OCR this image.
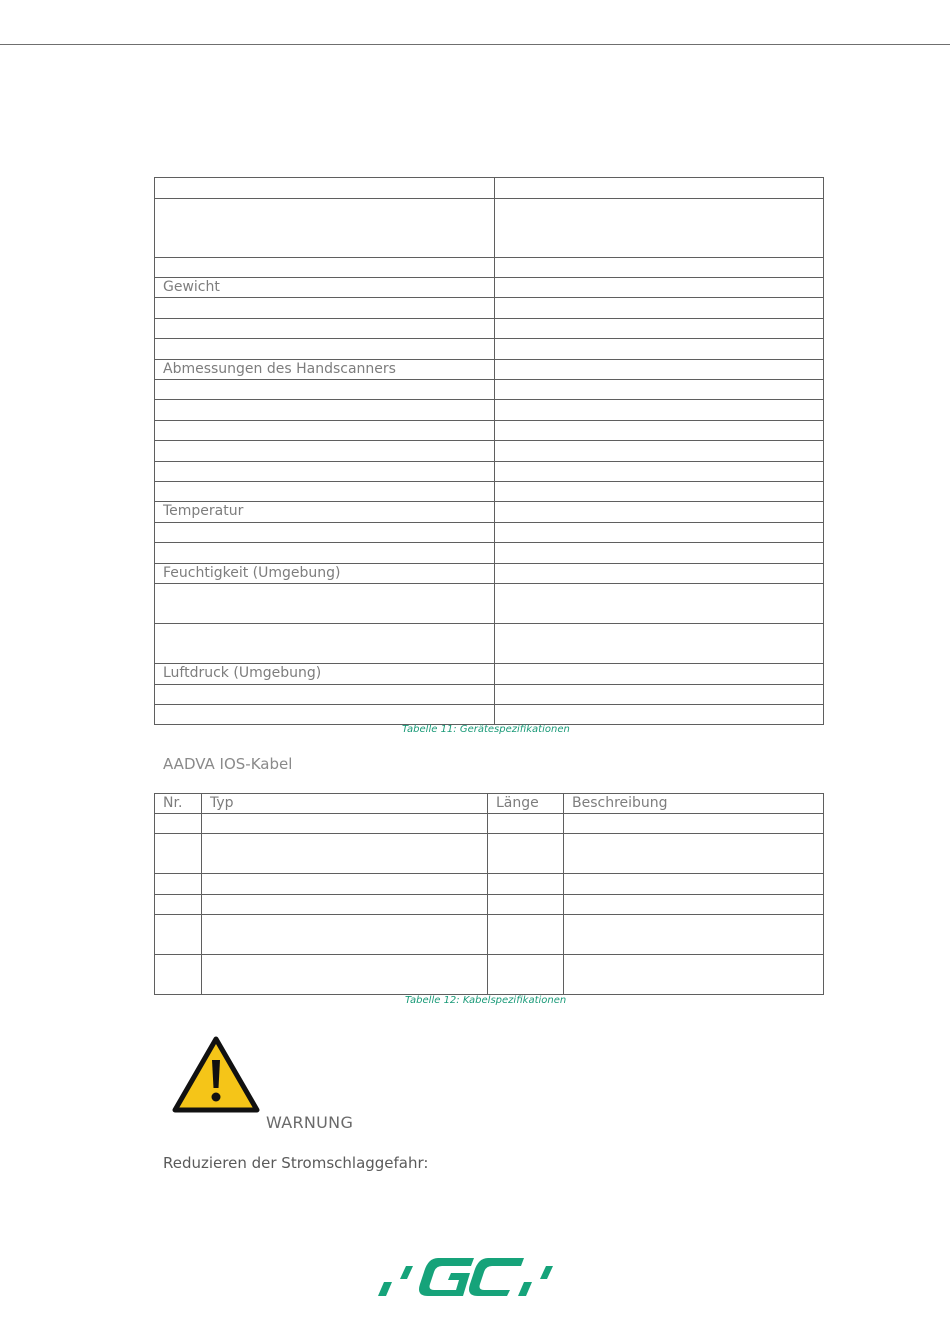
Gewicht	

Abmessungen des Handscanners	

Temperatur	

Feuchtigkeit (Umgebung)	

Luftdruck (Umgebung)	

Tabelle 11: Gerätespezifikationen
AADVA IOS-Kabel
Nr.	Typ	Länge	Beschreibung

Tabelle 12: Kabelspezifikationen
WARNUNG
Reduzieren der Stromschlaggefahr:
